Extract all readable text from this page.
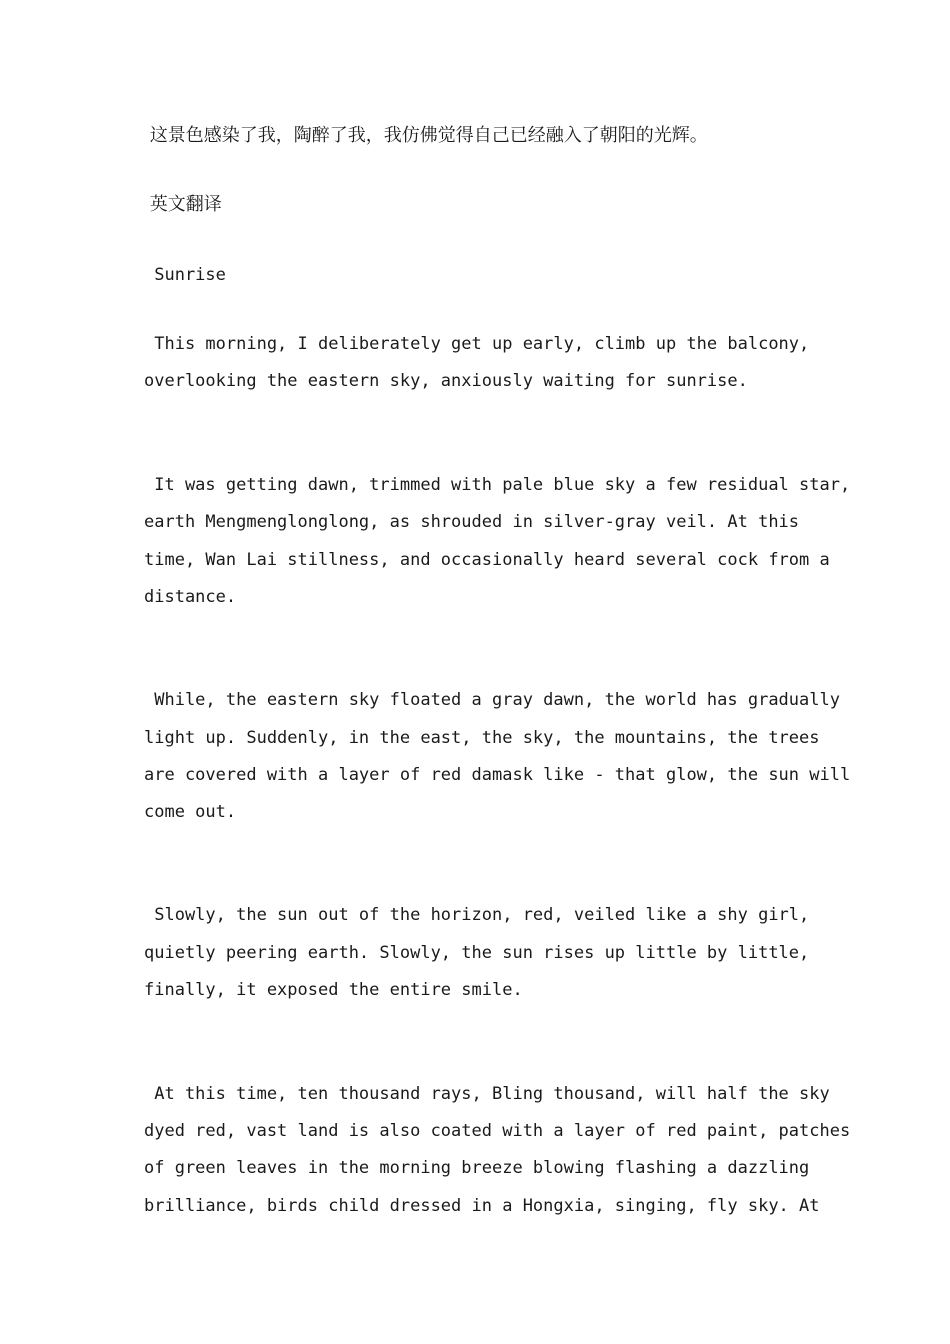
这景色感染了我，陶醉了我，我仿佛觉得自己已经融入了朝阳的光辉。
英文翻译
Sunrise
This morning, I deliberately get up early, climb up the balcony,
overlooking the eastern sky, anxiously waiting for sunrise.
It was getting dawn, trimmed with pale blue sky a few residual star,
earth Mengmenglonglong, as shrouded in silver-gray veil. At this
time, Wan Lai stillness, and occasionally heard several cock from a
distance.
While, the eastern sky floated a gray dawn, the world has gradually
light up. Suddenly, in the east, the sky, the mountains, the trees
are covered with a layer of red damask like - that glow, the sun will
come out.
Slowly, the sun out of the horizon, red, veiled like a shy girl,
quietly peering earth. Slowly, the sun rises up little by little,
finally, it exposed the entire smile.
At this time, ten thousand rays, Bling thousand, will half the sky
dyed red, vast land is also coated with a layer of red paint, patches
of green leaves in the morning breeze blowing flashing a dazzling
brilliance, birds child dressed in a Hongxia, singing, fly sky. At
